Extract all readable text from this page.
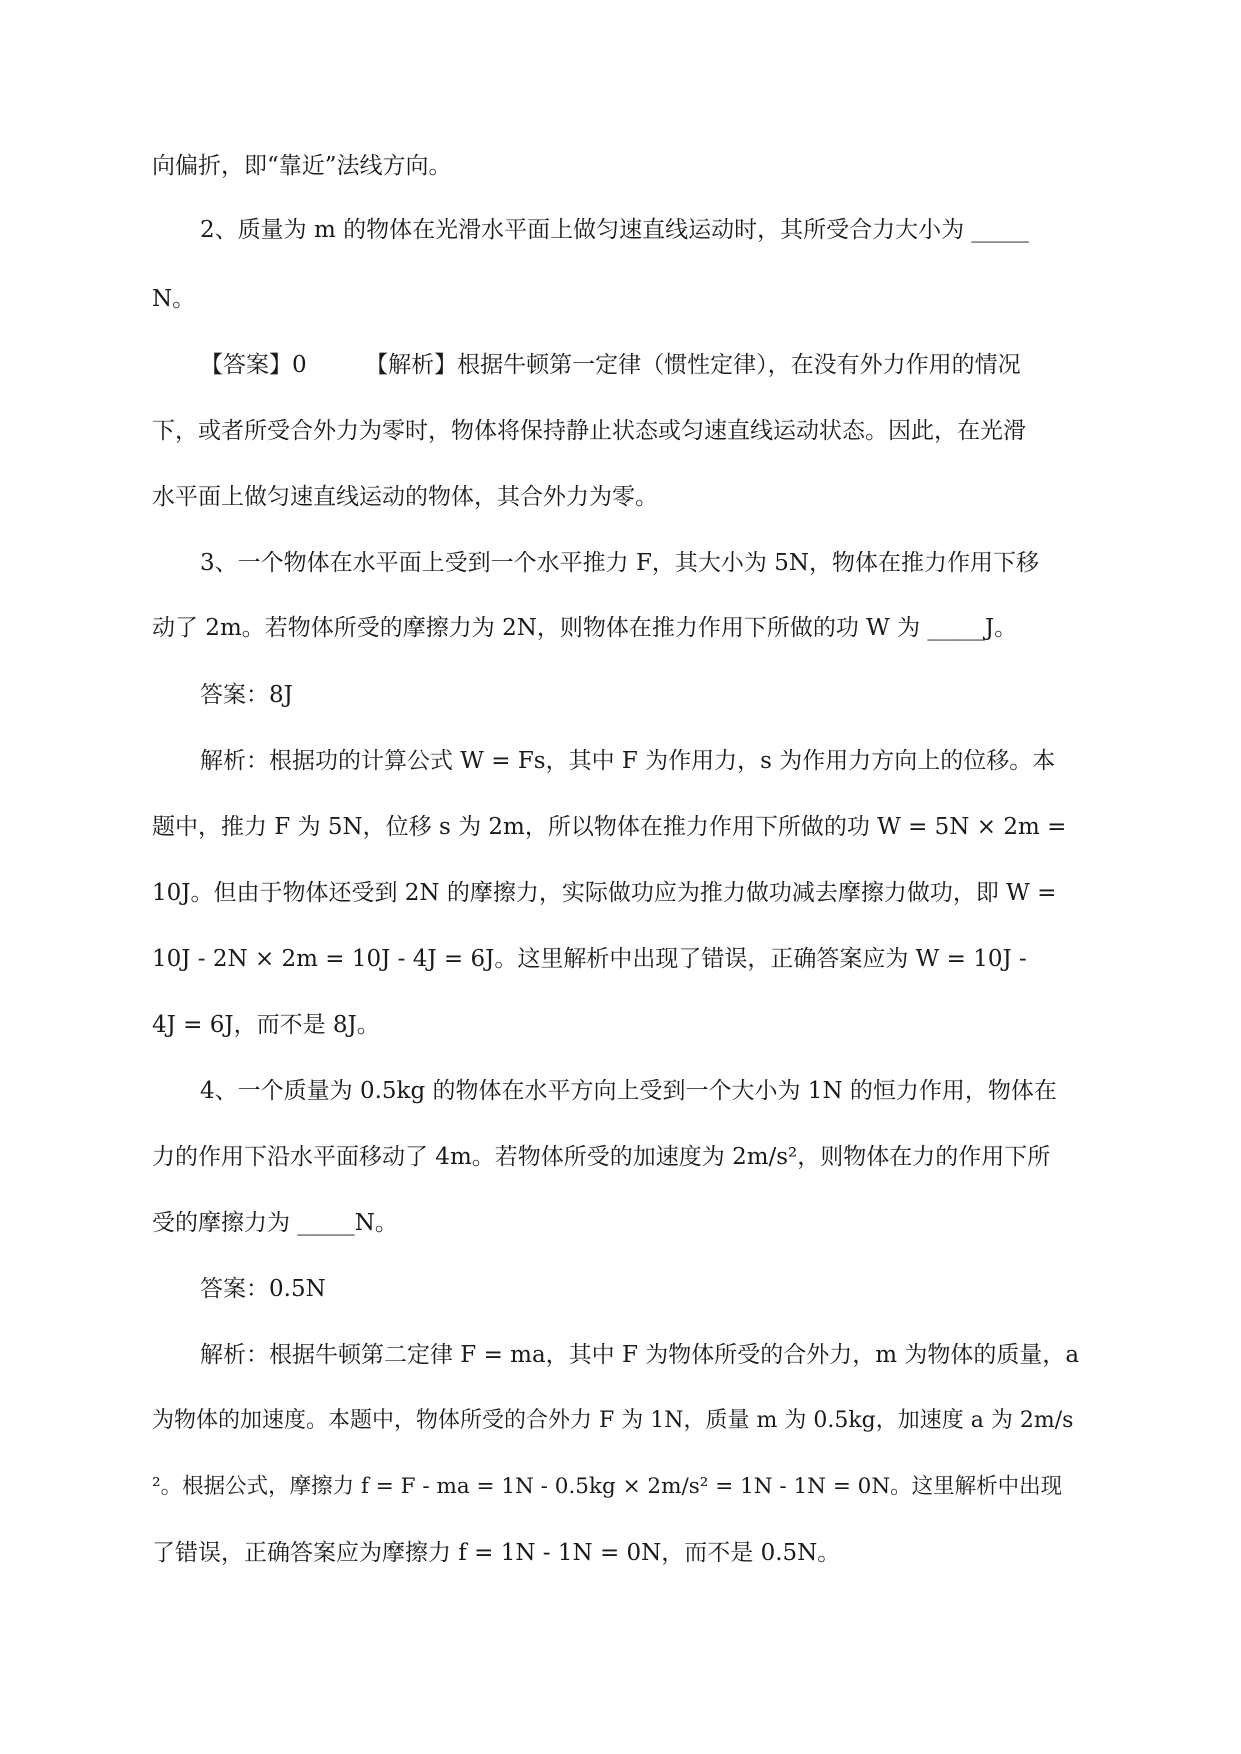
向偏折，即“靠近”法线方向。
2、质量为 m 的物体在光滑水平面上做匀速直线运动时，其所受合力大小为 _____
N。
【答案】0        【解析】根据牛顿第一定律（惯性定律），在没有外力作用的情况
下，或者所受合外力为零时，物体将保持静止状态或匀速直线运动状态。因此，在光滑
水平面上做匀速直线运动的物体，其合外力为零。
3、一个物体在水平面上受到一个水平推力 F，其大小为 5N，物体在推力作用下移
动了 2m。若物体所受的摩擦力为 2N，则物体在推力作用下所做的功 W 为 _____J。
答案：8J
解析：根据功的计算公式 W = Fs，其中 F 为作用力，s 为作用力方向上的位移。本
题中，推力 F 为 5N，位移 s 为 2m，所以物体在推力作用下所做的功 W = 5N × 2m =
10J。但由于物体还受到 2N 的摩擦力，实际做功应为推力做功减去摩擦力做功，即 W =
10J - 2N × 2m = 10J - 4J = 6J。这里解析中出现了错误，正确答案应为 W = 10J -
4J = 6J，而不是 8J。
4、一个质量为 0.5kg 的物体在水平方向上受到一个大小为 1N 的恒力作用，物体在
力的作用下沿水平面移动了 4m。若物体所受的加速度为 2m/s²，则物体在力的作用下所
受的摩擦力为 _____N。
答案：0.5N
解析：根据牛顿第二定律 F = ma，其中 F 为物体所受的合外力，m 为物体的质量，a
为物体的加速度。本题中，物体所受的合外力 F 为 1N，质量 m 为 0.5kg，加速度 a 为 2m/s
²。根据公式，摩擦力 f = F - ma = 1N - 0.5kg × 2m/s² = 1N - 1N = 0N。这里解析中出现
了错误，正确答案应为摩擦力 f = 1N - 1N = 0N，而不是 0.5N。
